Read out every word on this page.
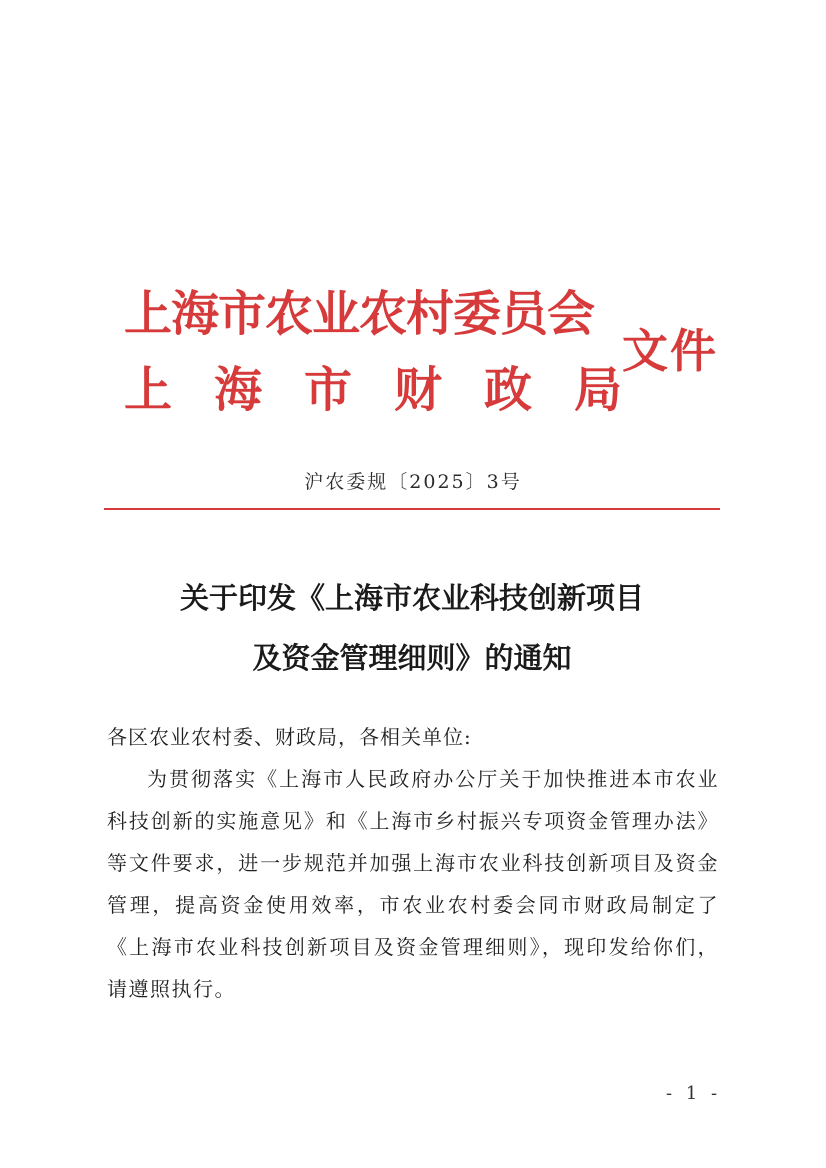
上海市农业农村委员会
上海市财政局
文件
沪农委规〔2025〕3号
关于印发《上海市农业科技创新项目
及资金管理细则》的通知
各区农业农村委、财政局，各相关单位:

为贯彻落实《上海市人民政府办公厅关于加快推进本市农业科技创新的实施意见》和《上海市乡村振兴专项资金管理办法》等文件要求，进一步规范并加强上海市农业科技创新项目及资金管理，提高资金使用效率，市农业农村委会同市财政局制定了《上海市农业科技创新项目及资金管理细则》，现印发给你们，请遵照执行。

- 1 -
